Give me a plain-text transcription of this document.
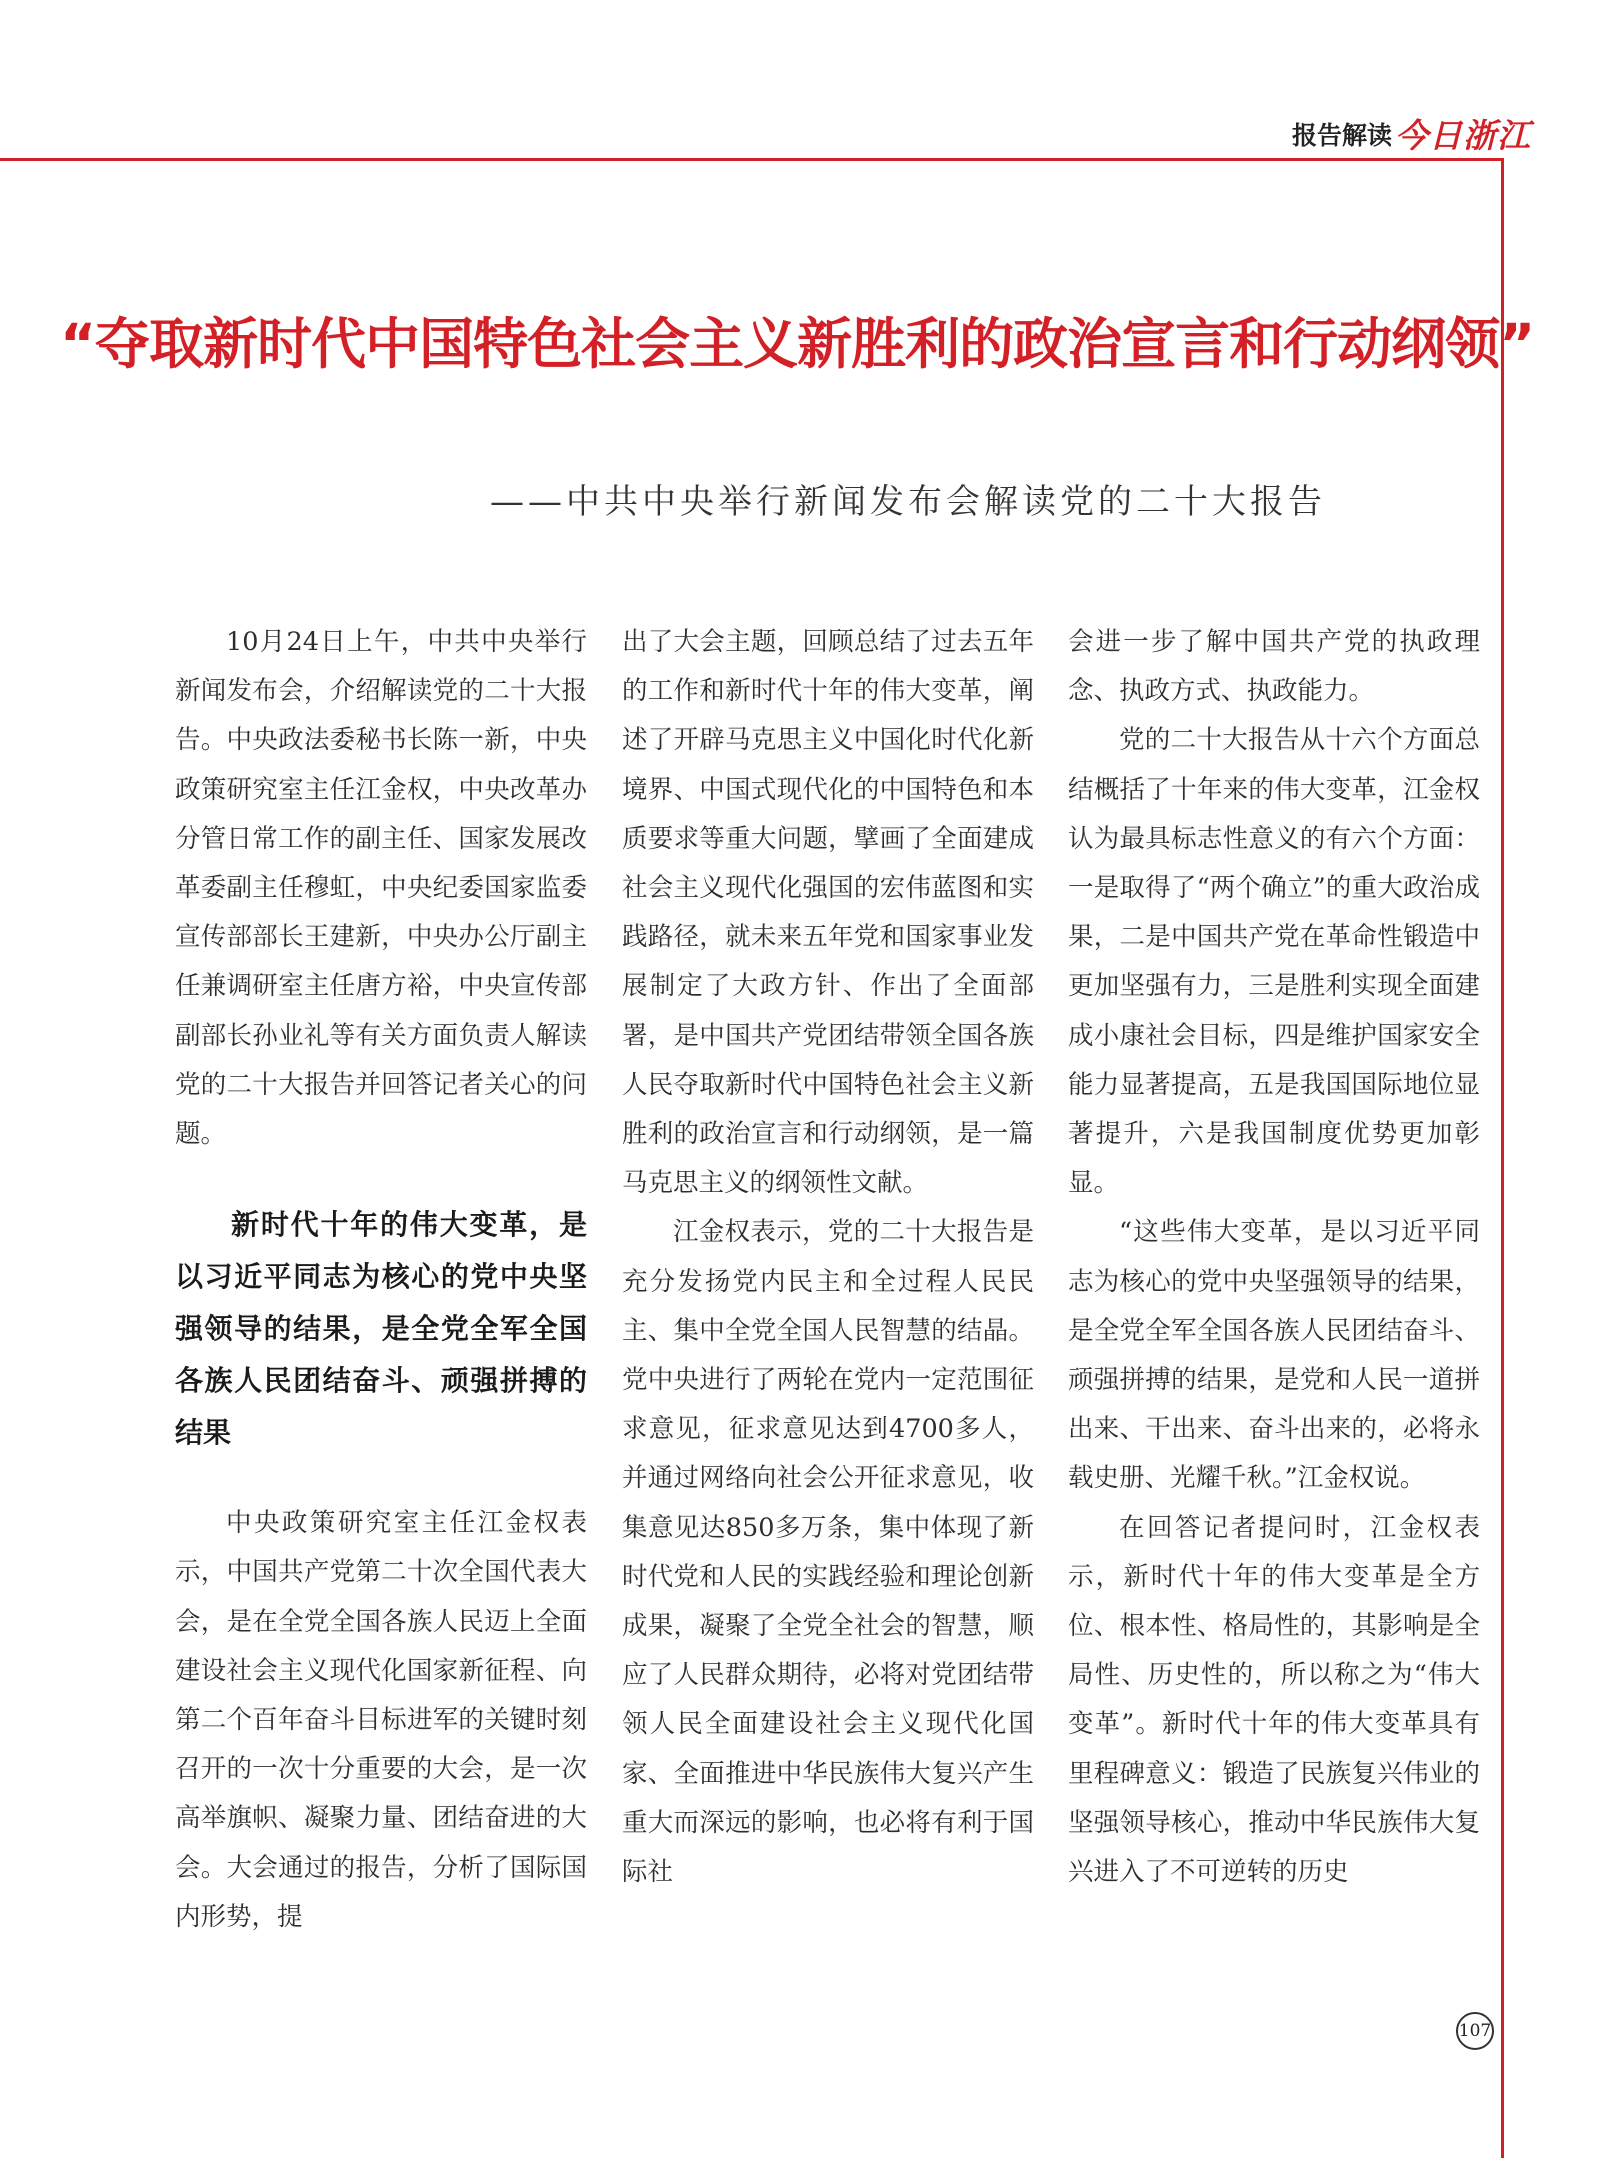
报告解读 今日浙江
“夺取新时代中国特色社会主义新胜利的政治宣言和行动纲领”
——中共中央举行新闻发布会解读党的二十大报告

10月24日上午，中共中央举行新闻发布会，介绍解读党的二十大报告。中央政法委秘书长陈一新，中央政策研究室主任江金权，中央改革办分管日常工作的副主任、国家发展改革委副主任穆虹，中央纪委国家监委宣传部部长王建新，中央办公厅副主任兼调研室主任唐方裕，中央宣传部副部长孙业礼等有关方面负责人解读党的二十大报告并回答记者关心的问题。

新时代十年的伟大变革，是以习近平同志为核心的党中央坚强领导的结果，是全党全军全国各族人民团结奋斗、顽强拼搏的结果

中央政策研究室主任江金权表示，中国共产党第二十次全国代表大会，是在全党全国各族人民迈上全面建设社会主义现代化国家新征程、向第二个百年奋斗目标进军的关键时刻召开的一次十分重要的大会，是一次高举旗帜、凝聚力量、团结奋进的大会。大会通过的报告，分析了国际国内形势，提

出了大会主题，回顾总结了过去五年的工作和新时代十年的伟大变革，阐述了开辟马克思主义中国化时代化新境界、中国式现代化的中国特色和本质要求等重大问题，擘画了全面建成社会主义现代化强国的宏伟蓝图和实践路径，就未来五年党和国家事业发展制定了大政方针、作出了全面部署，是中国共产党团结带领全国各族人民夺取新时代中国特色社会主义新胜利的政治宣言和行动纲领，是一篇马克思主义的纲领性文献。

江金权表示，党的二十大报告是充分发扬党内民主和全过程人民民主、集中全党全国人民智慧的结晶。党中央进行了两轮在党内一定范围征求意见，征求意见达到4700多人，并通过网络向社会公开征求意见，收集意见达850多万条，集中体现了新时代党和人民的实践经验和理论创新成果，凝聚了全党全社会的智慧，顺应了人民群众期待，必将对党团结带领人民全面建设社会主义现代化国家、全面推进中华民族伟大复兴产生重大而深远的影响，也必将有利于国际社

会进一步了解中国共产党的执政理念、执政方式、执政能力。

党的二十大报告从十六个方面总结概括了十年来的伟大变革，江金权认为最具标志性意义的有六个方面：一是取得了“两个确立”的重大政治成果，二是中国共产党在革命性锻造中更加坚强有力，三是胜利实现全面建成小康社会目标，四是维护国家安全能力显著提高，五是我国国际地位显著提升，六是我国制度优势更加彰显。

“这些伟大变革，是以习近平同志为核心的党中央坚强领导的结果，是全党全军全国各族人民团结奋斗、顽强拼搏的结果，是党和人民一道拼出来、干出来、奋斗出来的，必将永载史册、光耀千秋。”江金权说。

在回答记者提问时，江金权表示，新时代十年的伟大变革是全方位、根本性、格局性的，其影响是全局性、历史性的，所以称之为“伟大变革”。新时代十年的伟大变革具有里程碑意义：锻造了民族复兴伟业的坚强领导核心，推动中华民族伟大复兴进入了不可逆转的历史

107
